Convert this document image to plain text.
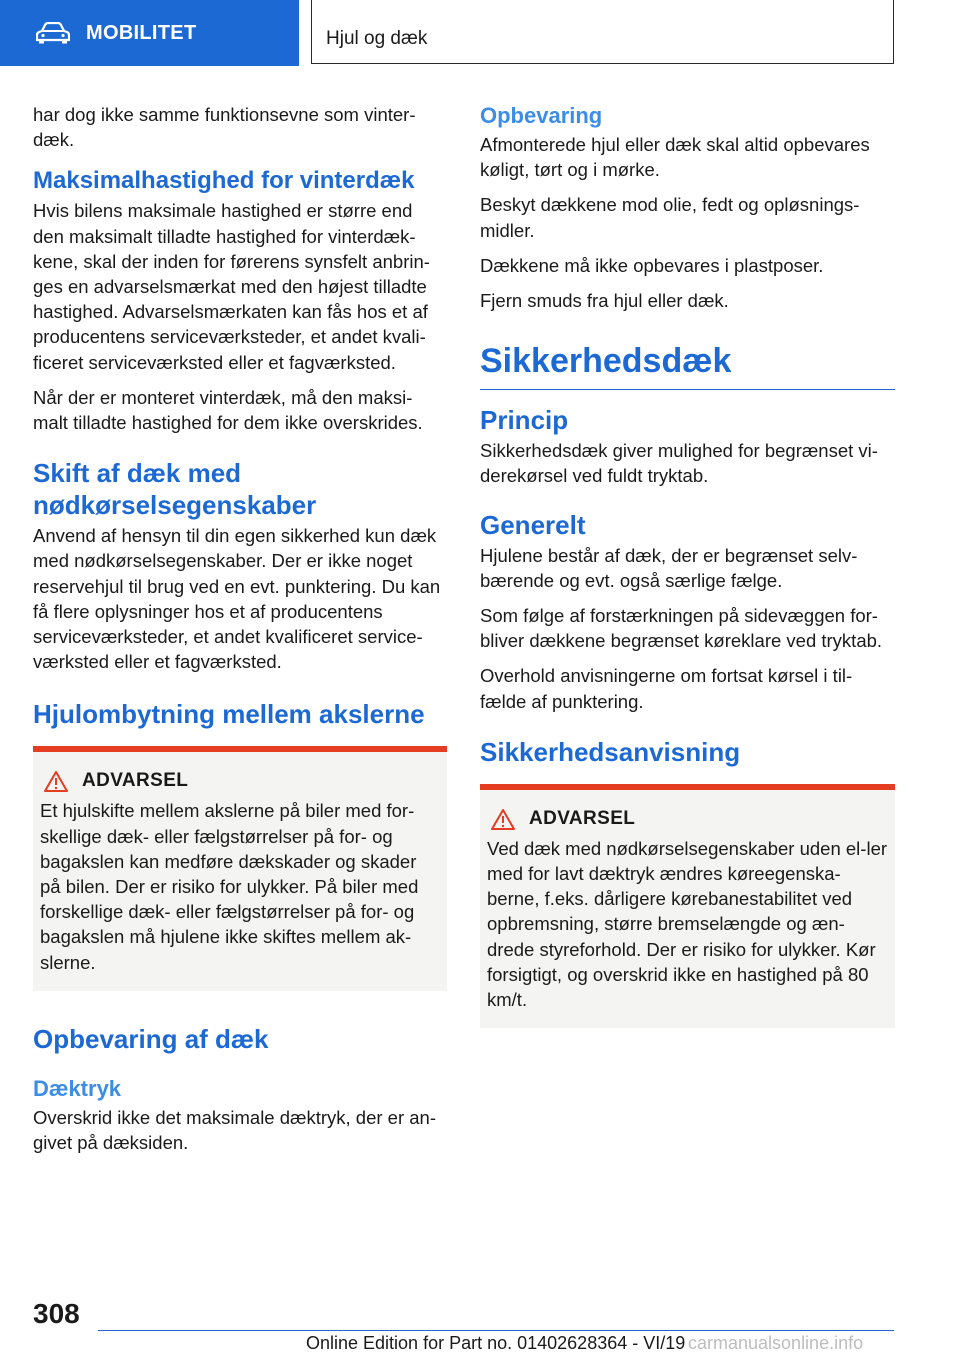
MOBILITET	Hjul og dæk

har dog ikke samme funktionsevne som vinter-dæk.

Maksimalhastighed for vinterdæk

Hvis bilens maksimale hastighed er større end den maksimalt tilladte hastighed for vinterdæk-kene, skal der inden for førerens synsfelt anbrin-ges en advarselsmærkat med den højest tilladte hastighed. Advarselsmærkaten kan fås hos et af producentens serviceværksteder, et andet kvali-ficeret serviceværksted eller et fagværksted.

Når der er monteret vinterdæk, må den maksi-malt tilladte hastighed for dem ikke overskrides.

Skift af dæk med nødkørselsegenskaber

Anvend af hensyn til din egen sikkerhed kun dæk med nødkørselsegenskaber. Der er ikke noget reservehjul til brug ved en evt. punktering. Du kan få flere oplysninger hos et af producentens serviceværksteder, et andet kvalificeret service-værksted eller et fagværksted.

Hjulombytning mellem akslerne
ADVARSEL

Et hjulskifte mellem akslerne på biler med for-skellige dæk- eller fælgstørrelser på for- og bagakslen kan medføre dækskader og skader på bilen. Der er risiko for ulykker. På biler med forskellige dæk- eller fælgstørrelser på for- og bagakslen må hjulene ikke skiftes mellem ak-slerne.

Opbevaring af dæk
Dæktryk

Overskrid ikke det maksimale dæktryk, der er an-givet på dæksiden.

Opbevaring

Afmonterede hjul eller dæk skal altid opbevares køligt, tørt og i mørke.

Beskyt dækkene mod olie, fedt og opløsnings-midler.

Dækkene må ikke opbevares i plastposer.

Fjern smuds fra hjul eller dæk.

Sikkerhedsdæk
Princip

Sikkerhedsdæk giver mulighed for begrænset vi-derekørsel ved fuldt tryktab.

Generelt

Hjulene består af dæk, der er begrænset selv-bærende og evt. også særlige fælge.

Som følge af forstærkningen på sidevæggen for-bliver dækkene begrænset køreklare ved tryktab.

Overhold anvisningerne om fortsat kørsel i til-fælde af punktering.

Sikkerhedsanvisning
ADVARSEL

Ved dæk med nødkørselsegenskaber uden el-ler med for lavt dæktryk ændres køreegenska-berne, f.eks. dårligere kørebanestabilitet ved opbremsning, større bremselængde og æn-drede styreforhold. Der er risiko for ulykker. Kør forsigtigt, og overskrid ikke en hastighed på 80 km/t.

308
Online Edition for Part no. 01402628364 - VI/19 carmanualsonline.info
